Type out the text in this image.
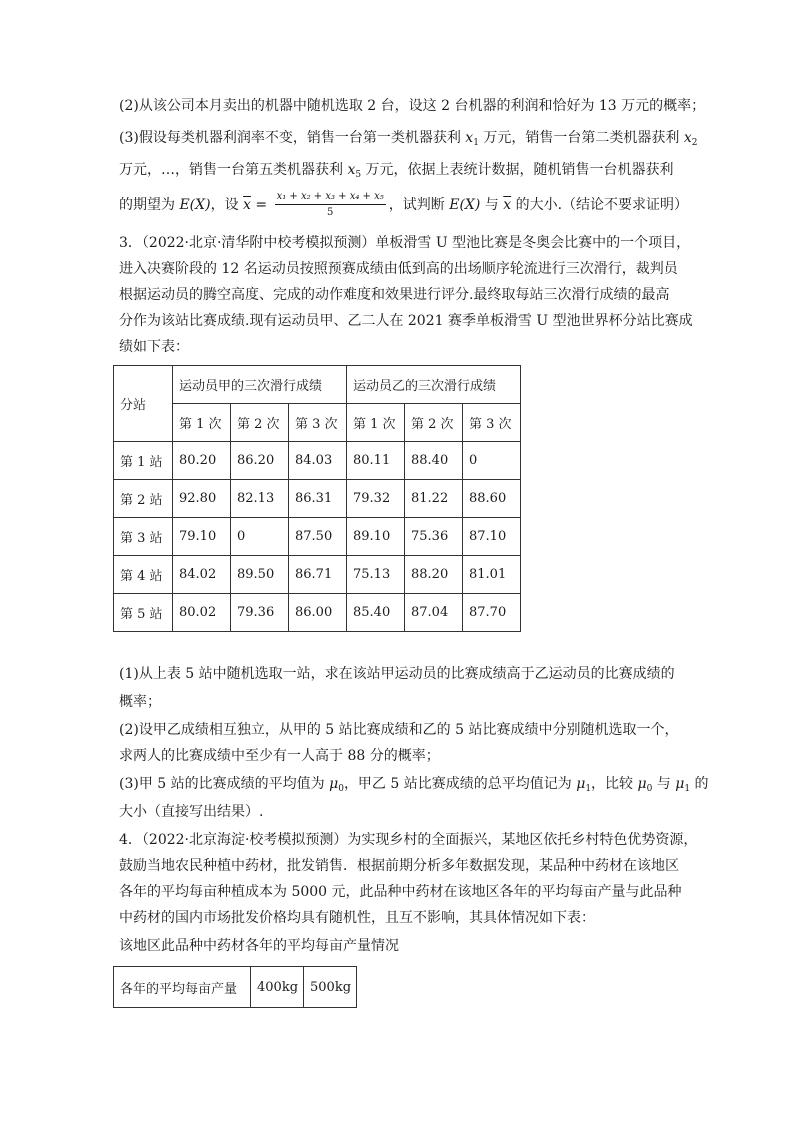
(2)从该公司本月卖出的机器中随机选取 2 台，设这 2 台机器的利润和恰好为 13 万元的概率；
(3)假设每类机器利润率不变，销售一台第一类机器获利 $x_1$ 万元，销售一台第二类机器获利 $x_2$
万元，…，销售一台第五类机器获利 $x_5$ 万元，依据上表统计数据，随机销售一台机器获利
的期望为 E(X)，设 $\overline{x} = \frac{\text{x₁ + x₂ + x₃ + x₄ + x₅}}{5}$ ，试判断 E(X) 与 $\overline{x}$ 的大小.（结论不要求证明）
3．（2022·北京·清华附中校考模拟预测）单板滑雪 U 型池比赛是冬奥会比赛中的一个项目，
进入决赛阶段的 12 名运动员按照预赛成绩由低到高的出场顺序轮流进行三次滑行，裁判员
根据运动员的腾空高度、完成的动作难度和效果进行评分.最终取每站三次滑行成绩的最高
分作为该站比赛成绩.现有运动员甲、乙二人在 2021 赛季单板滑雪 U 型池世界杯分站比赛成
绩如下表：
分站	运动员甲的三次滑行成绩			运动员乙的三次滑行成绩		
	第 1 次	第 2 次	第 3 次	第 1 次	第 2 次	第 3 次
第 1 站	80.20	86.20	84.03	80.11	88.40	0
第 2 站	92.80	82.13	86.31	79.32	81.22	88.60
第 3 站	79.10	0	87.50	89.10	75.36	87.10
第 4 站	84.02	89.50	86.71	75.13	88.20	81.01
第 5 站	80.02	79.36	86.00	85.40	87.04	87.70
(1)从上表 5 站中随机选取一站，求在该站甲运动员的比赛成绩高于乙运动员的比赛成绩的
概率；
(2)设甲乙成绩相互独立，从甲的 5 站比赛成绩和乙的 5 站比赛成绩中分别随机选取一个，
求两人的比赛成绩中至少有一人高于 88 分的概率；
(3)甲 5 站的比赛成绩的平均值为 $\mu_0$，甲乙 5 站比赛成绩的总平均值记为 $\mu_1$，比较 $\mu_0$ 与 $\mu_1$ 的
大小（直接写出结果）.
4．（2022·北京海淀·校考模拟预测）为实现乡村的全面振兴，某地区依托乡村特色优势资源，
鼓励当地农民种植中药材，批发销售．根据前期分析多年数据发现，某品种中药材在该地区
各年的平均每亩种植成本为 5000 元，此品种中药材在该地区各年的平均每亩产量与此品种
中药材的国内市场批发价格均具有随机性，且互不影响，其具体情况如下表：
该地区此品种中药材各年的平均每亩产量情况
各年的平均每亩产量	400kg	500kg
